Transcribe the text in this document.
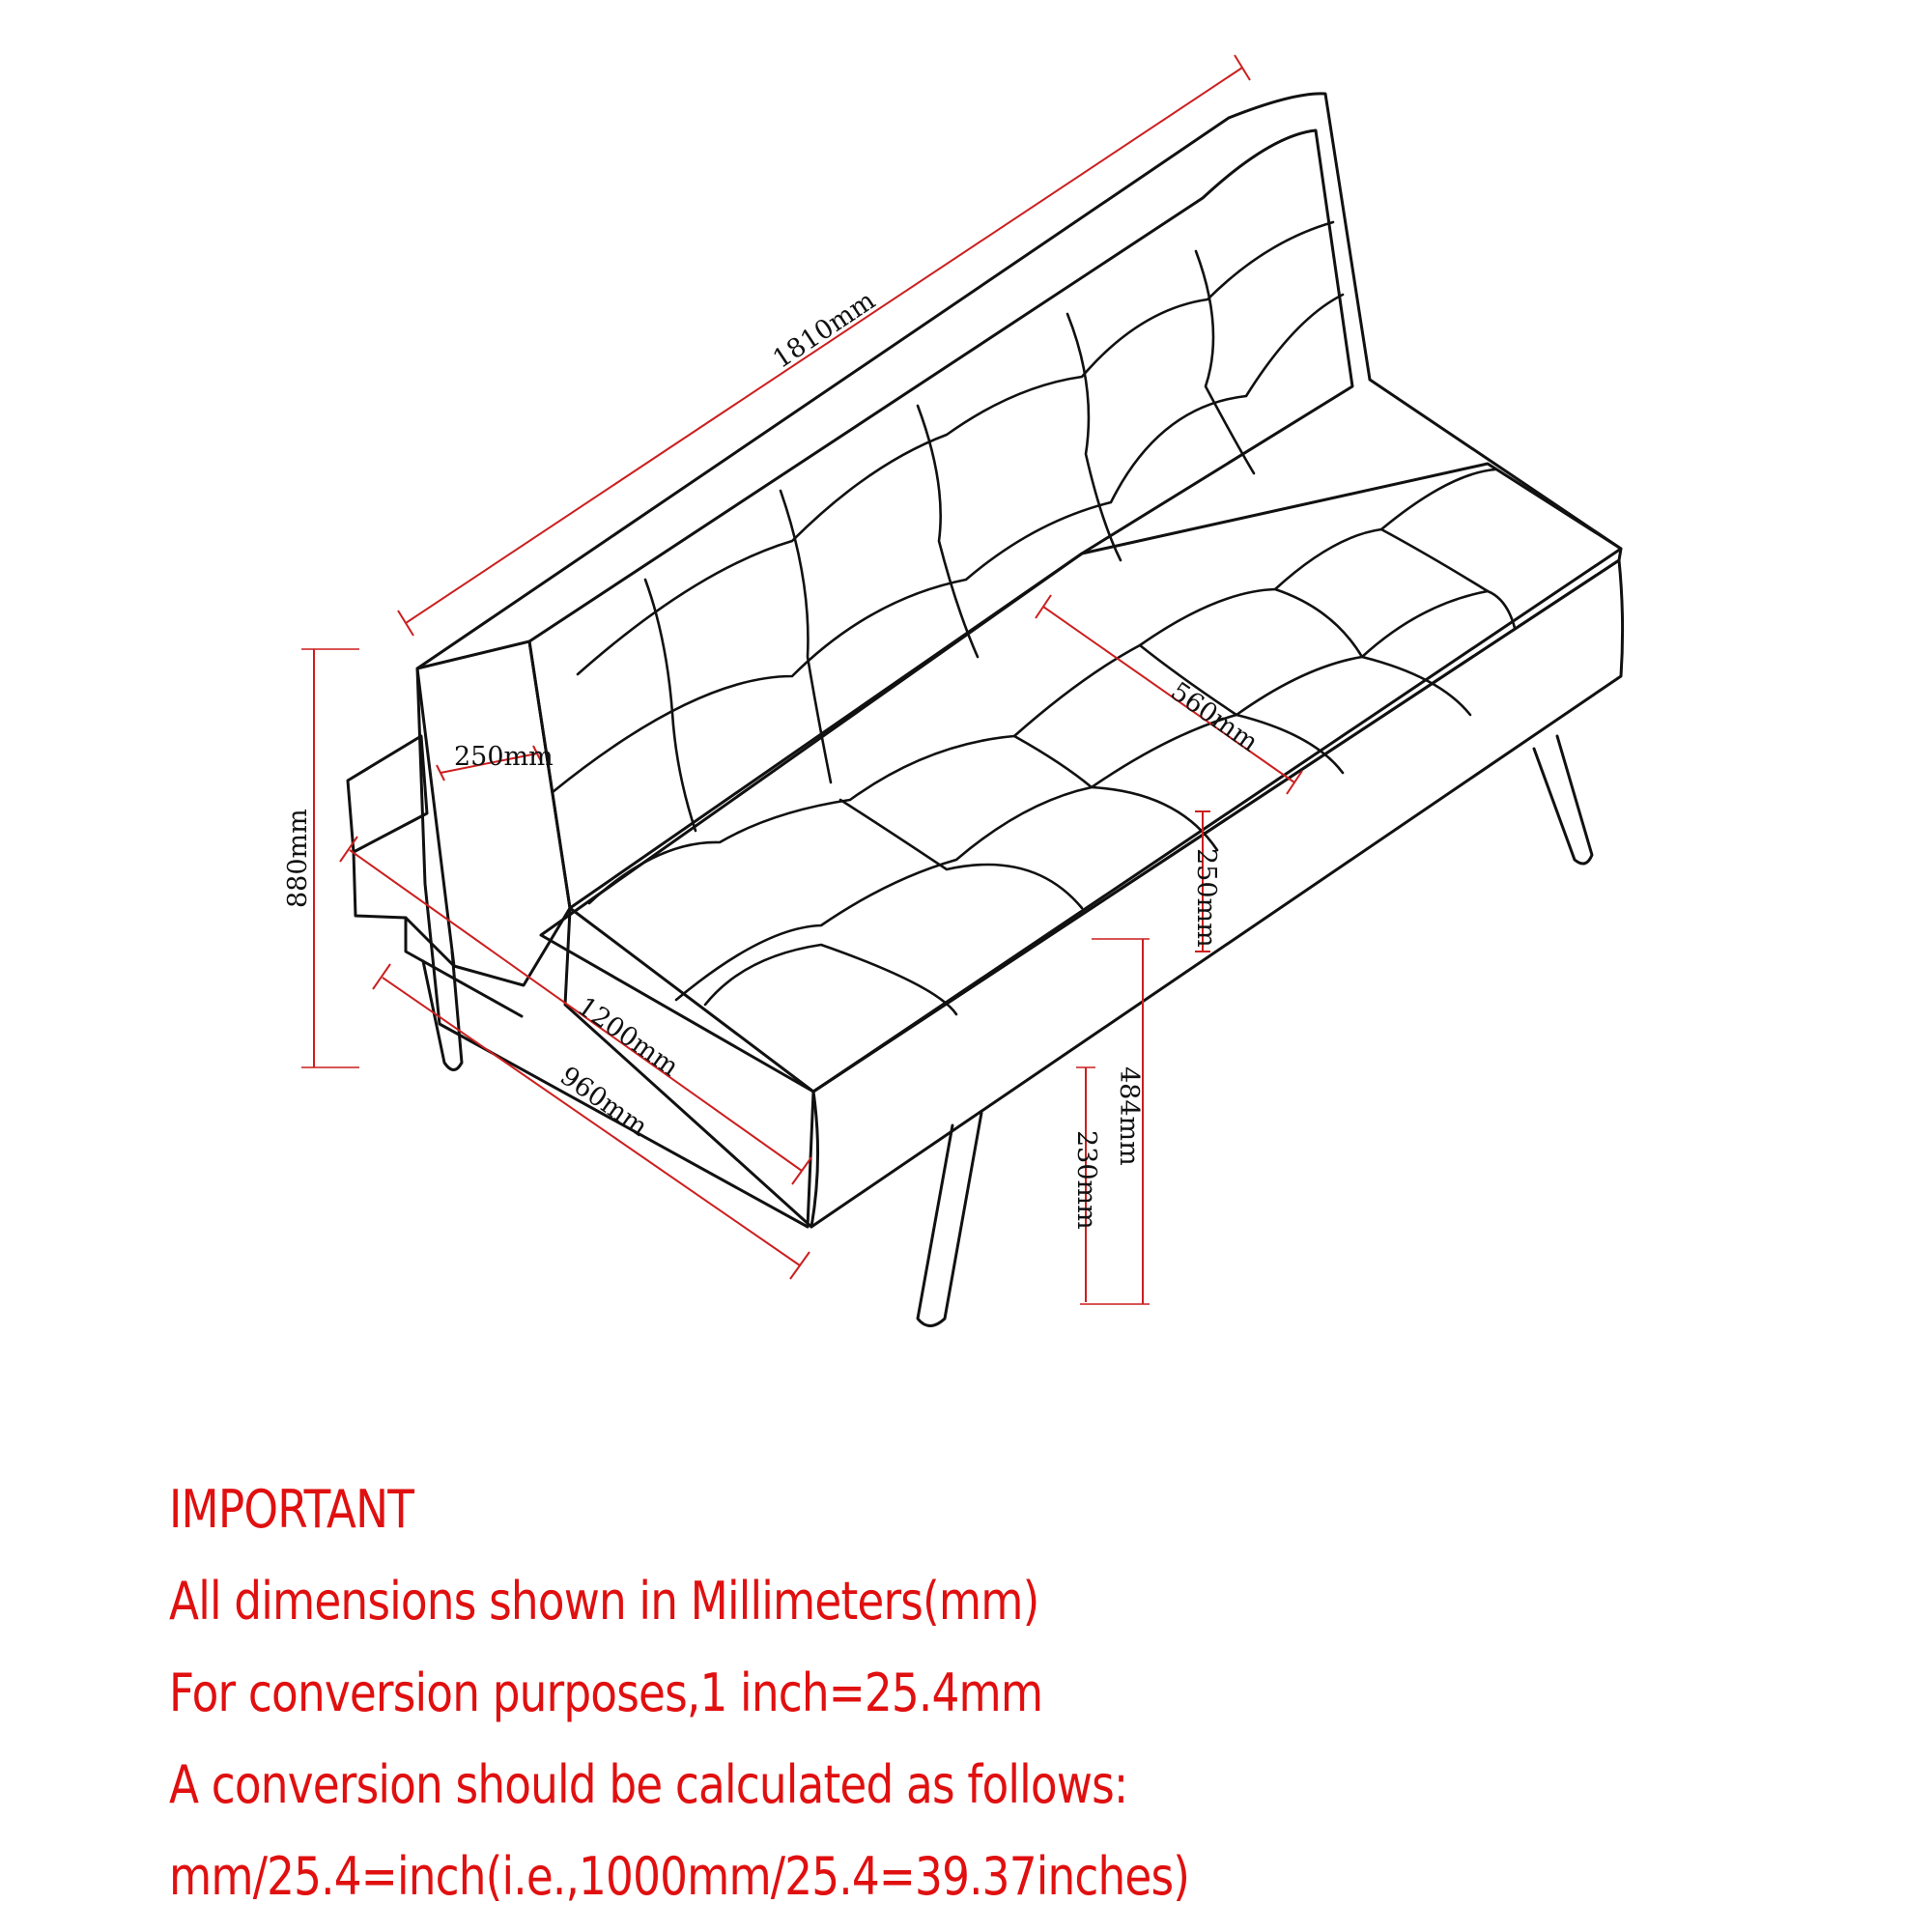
1810mm
880mm
250mm	560mm
250mm
1200mm
960mm	484mm
230mm

IMPORTANT

All dimensions shown in Millimeters(mm)

For conversion purposes,1 inch=25.4mm

A conversion should be calculated as follows:

mm/25.4=inch(i.e.,1000mm/25.4=39.37inches)
